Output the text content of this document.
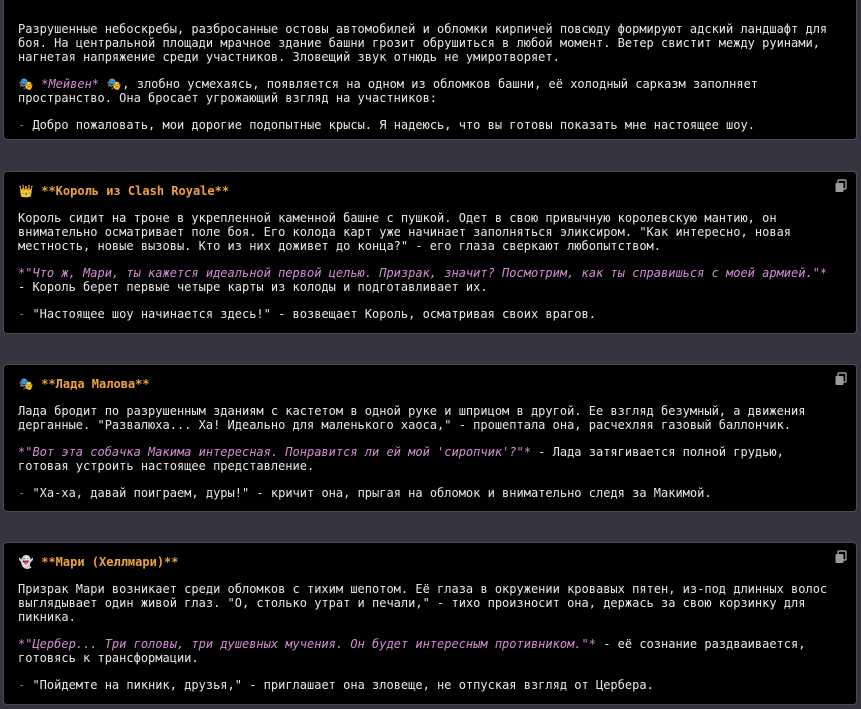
Разрушенные небоскребы, разбросанные остовы автомобилей и обломки кирпичей повсюду формируют адский ландшафт для боя. На центральной площади мрачное здание башни грозит обрушиться в любой момент. Ветер свистит между руинами, нагнетая напряжение среди участников. Зловещий звук отнюдь не умиротворяет.

🎭 *Мейвен* 🎭, злобно усмехаясь, появляется на одном из обломков башни, её холодный сарказм заполняет пространство. Она бросает угрожающий взгляд на участников:

- Добро пожаловать, мои дорогие подопытные крысы. Я надеюсь, что вы готовы показать мне настоящее шоу.

👑 **Король из Clash Royale**

Король сидит на троне в укрепленной каменной башне с пушкой. Одет в свою привычную королевскую мантию, он внимательно осматривает поле боя. Его колода карт уже начинает заполняться эликсиром. "Как интересно, новая местность, новые вызовы. Кто из них доживет до конца?" - его глаза сверкают любопытством.

*"Что ж, Мари, ты кажется идеальной первой целью. Призрак, значит? Посмотрим, как ты справишься с моей армией."* - Король берет первые четыре карты из колоды и подготавливает их.

- "Настоящее шоу начинается здесь!" - возвещает Король, осматривая своих врагов.

🎭 **Лада Малова**

Лада бродит по разрушенным зданиям с кастетом в одной руке и шприцом в другой. Ее взгляд безумный, а движения дерганные. "Развалюха... Ха! Идеально для маленького хаоса," - прошептала она, расчехляя газовый баллончик.

*"Вот эта собачка Макима интересная. Понравится ли ей мой 'сиропчик'?"* - Лада затягивается полной грудью, готовая устроить настоящее представление.

- "Ха-ха, давай поиграем, дуры!" - кричит она, прыгая на обломок и внимательно следя за Макимой.

👻 **Мари (Хеллмари)**

Призрак Мари возникает среди обломков с тихим шепотом. Её глаза в окружении кровавых пятен, из-под длинных волос выглядывает один живой глаз. "О, столько утрат и печали," - тихо произносит она, держась за свою корзинку для пикника.

*"Цербер... Три головы, три душевных мучения. Он будет интересным противником."* - её сознание раздваивается, готовясь к трансформации.

- "Пойдемте на пикник, друзья," - приглашает она зловеще, не отпуская взгляд от Цербера.
